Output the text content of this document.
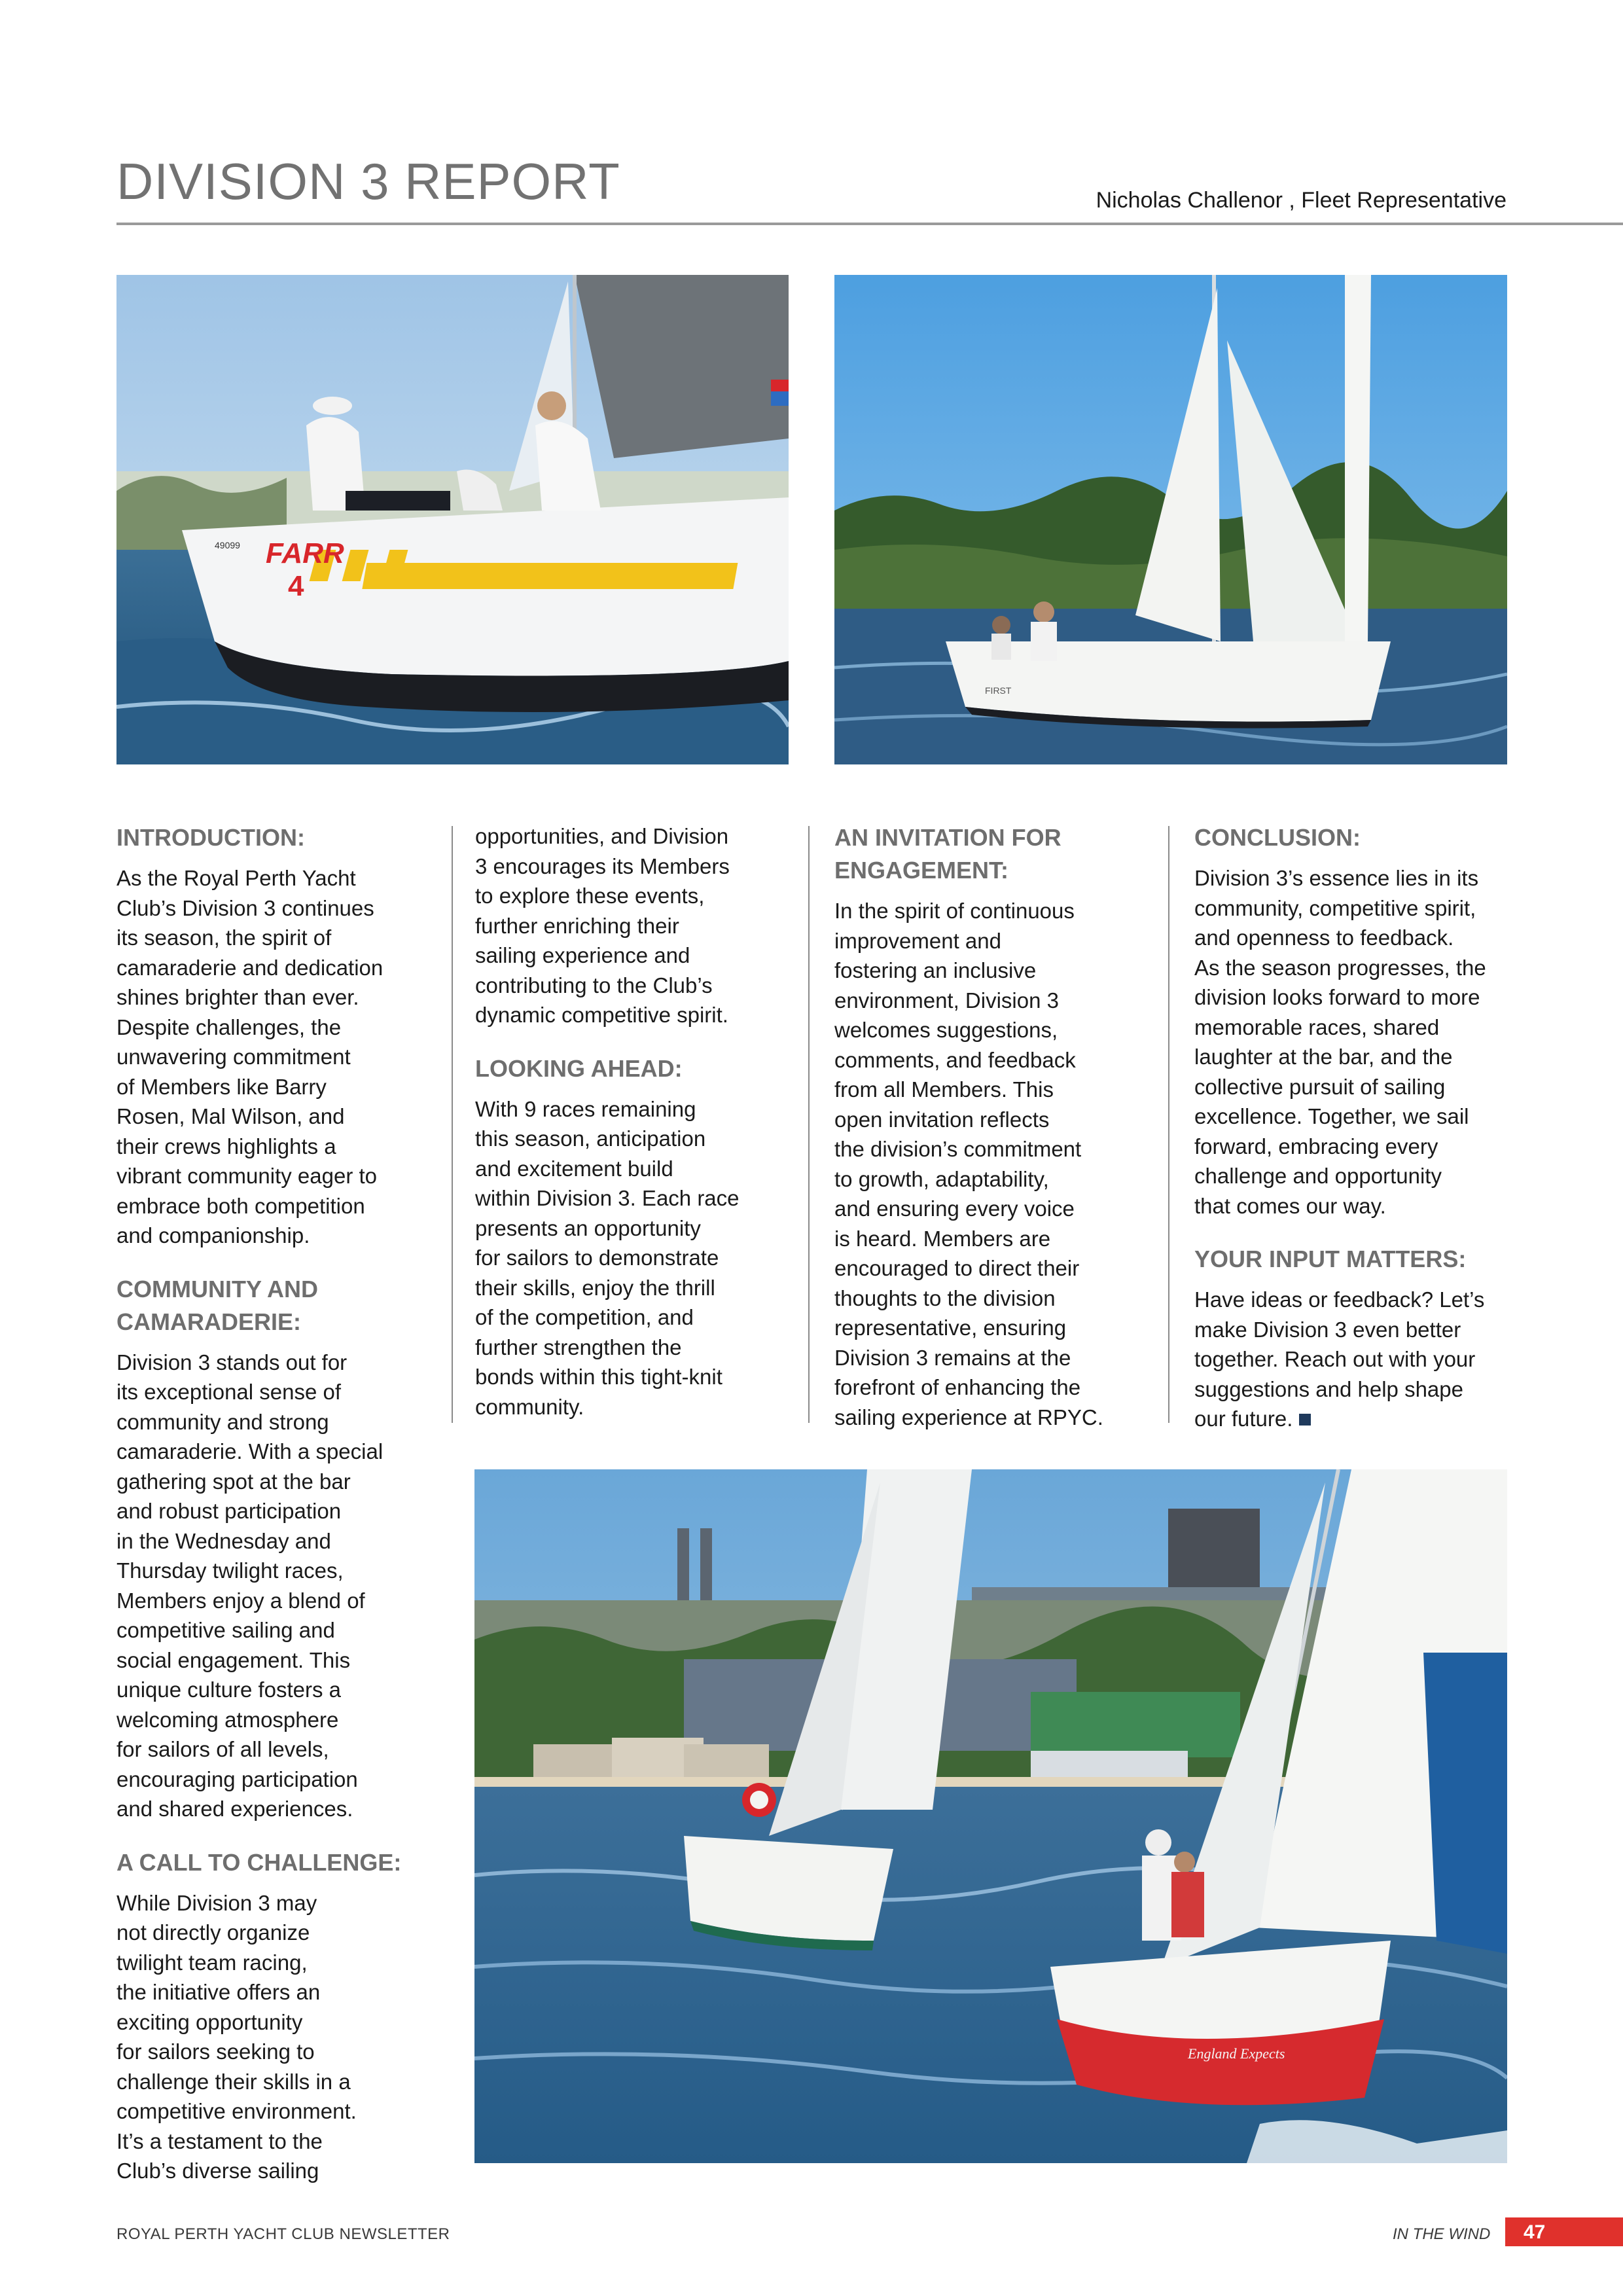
DIVISION 3 REPORT	Nicholas Challenor , Fleet Representative
FARR
4
49099
FIRST
INTRODUCTION:

As the Royal Perth Yacht
Club’s Division 3 continues
its season, the spirit of
camaraderie and dedication
shines brighter than ever.
Despite challenges, the
unwavering commitment
of Members like Barry
Rosen, Mal Wilson, and
their crews highlights a
vibrant community eager to
embrace both competition
and companionship.

COMMUNITY AND
CAMARADERIE:

Division 3 stands out for
its exceptional sense of
community and strong
camaraderie. With a special
gathering spot at the bar
and robust participation
in the Wednesday and
Thursday twilight races,
Members enjoy a blend of
competitive sailing and
social engagement. This
unique culture fosters a
welcoming atmosphere
for sailors of all levels,
encouraging participation
and shared experiences.

A CALL TO CHALLENGE:

While Division 3 may
not directly organize
twilight team racing,
the initiative offers an
exciting opportunity
for sailors seeking to
challenge their skills in a
competitive environment.
It’s a testament to the
Club’s diverse sailing

opportunities, and Division
3 encourages its Members
to explore these events,
further enriching their
sailing experience and
contributing to the Club’s
dynamic competitive spirit.

LOOKING AHEAD:

With 9 races remaining
this season, anticipation
and excitement build
within Division 3. Each race
presents an opportunity
for sailors to demonstrate
their skills, enjoy the thrill
of the competition, and
further strengthen the
bonds within this tight-knit
community.

AN INVITATION FOR
ENGAGEMENT:

In the spirit of continuous
improvement and
fostering an inclusive
environment, Division 3
welcomes suggestions,
comments, and feedback
from all Members. This
open invitation reflects
the division’s commitment
to growth, adaptability,
and ensuring every voice
is heard. Members are
encouraged to direct their
thoughts to the division
representative, ensuring
Division 3 remains at the
forefront of enhancing the
sailing experience at RPYC.

CONCLUSION:

Division 3’s essence lies in its
community, competitive spirit,
and openness to feedback.
As the season progresses, the
division looks forward to more
memorable races, shared
laughter at the bar, and the
collective pursuit of sailing
excellence. Together, we sail
forward, embracing every
challenge and opportunity
that comes our way.

YOUR INPUT MATTERS:

Have ideas or feedback? Let’s
make Division 3 even better
together. Reach out with your
suggestions and help shape
our future.

England Expects
ROYAL PERTH YACHT CLUB NEWSLETTER	IN THE WIND 47
